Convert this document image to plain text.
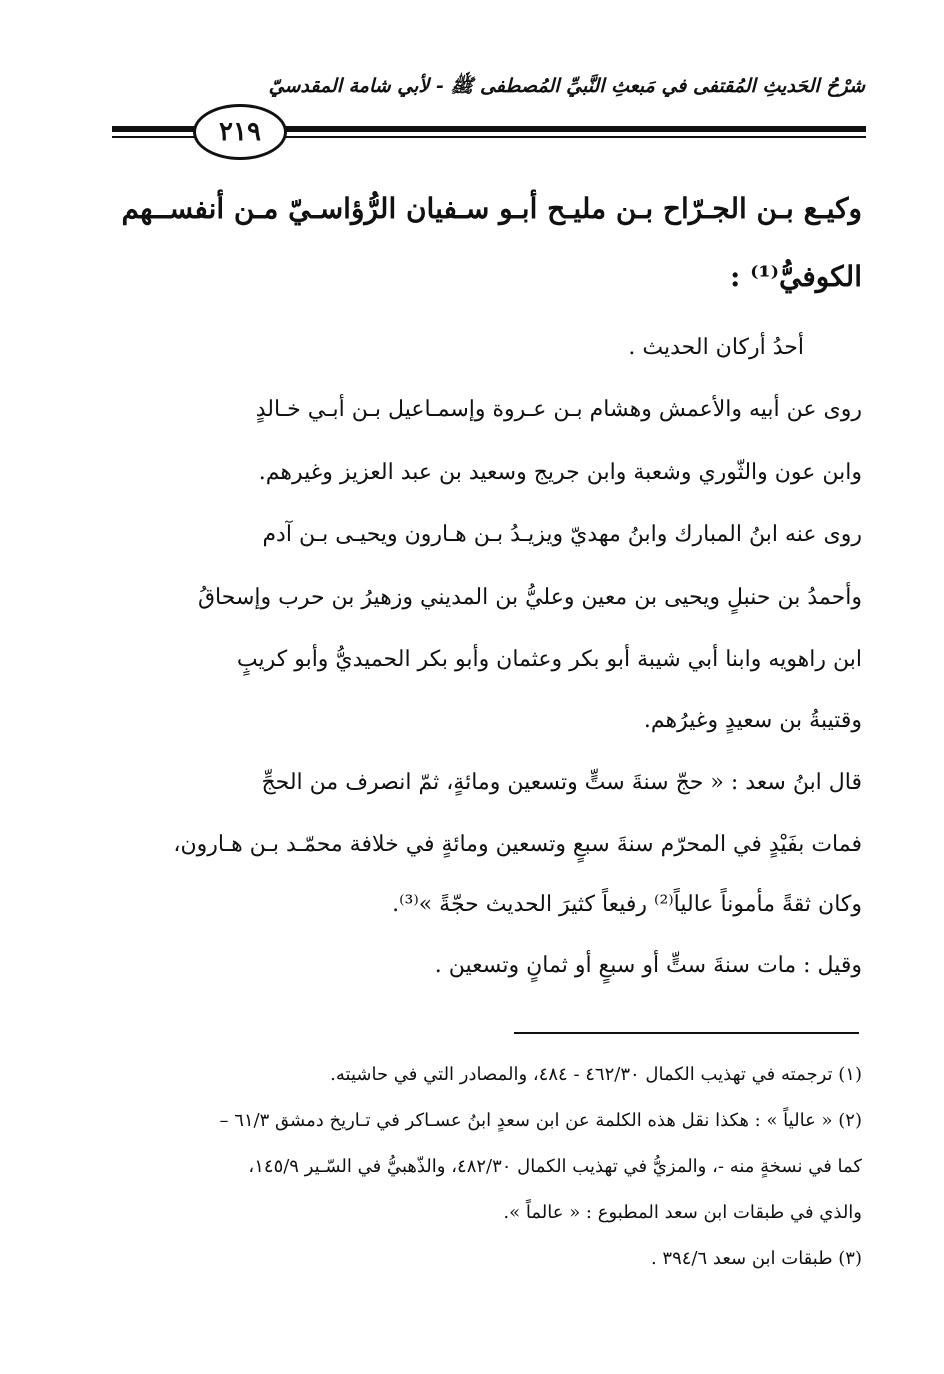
شرْحُ الحَديثِ المُقتفى في مَبعثِ النَّبيِّ المُصطفى ﷺ - لأبي شامة المقدسيّ
٢١٩
وكيـع بـن الجـرّاح بـن مليـح أبـو سـفيان الرُّؤاسـيّ مـن أنفســهم
الكوفيُّ⁽¹⁾ :
أحدُ أركان الحديث .
روى عن أبيه والأعمش وهشام بـن عـروة وإسمـاعيل بـن أبـي خـالدٍ
وابن عون والثّوري وشعبة وابن جريج وسعيد بن عبد العزيز وغيرهم.
روى عنه ابنُ المبارك وابنُ مهديّ ويزيـدُ بـن هـارون ويحيـى بـن آدم
وأحمدُ بن حنبلٍ ويحيى بن معين وعليُّ بن المديني وزهيرُ بن حرب وإسحاقُ
ابن راهويه وابنا أبي شيبة أبو بكر وعثمان وأبو بكر الحميديُّ وأبو كريبٍ
وقتيبةُ بن سعيدٍ وغيرُهم.
قال ابنُ سعد : « حجّ سنةَ ستٍّ وتسعين ومائةٍ، ثمّ انصرف من الحجِّ
فمات بفَيْدٍ في المحرّم سنةَ سبعٍ وتسعين ومائةٍ في خلافة محمّـد بـن هـارون،
وكان ثقةً مأموناً عالياً⁽²⁾ رفيعاً كثيرَ الحديث حجّةً »⁽³⁾.
وقيل : مات سنةَ ستٍّ أو سبعٍ أو ثمانٍ وتسعين .
(١) ترجمته في تهذيب الكمال ٤٦٢/٣٠ - ٤٨٤، والمصادر التي في حاشيته.
(٢) « عالياً » : هكذا نقل هذه الكلمة عن ابن سعدٍ ابنُ عسـاكر في تـاريخ دمشق ٦١/٣ –
كما في نسخةٍ منه -، والمزيُّ في تهذيب الكمال ٤٨٢/٣٠، والذّهبيُّ في السّـير ١٤٥/٩،
والذي في طبقات ابن سعد المطبوع : « عالماً ».
(٣) طبقات ابن سعد ٣٩٤/٦ .
